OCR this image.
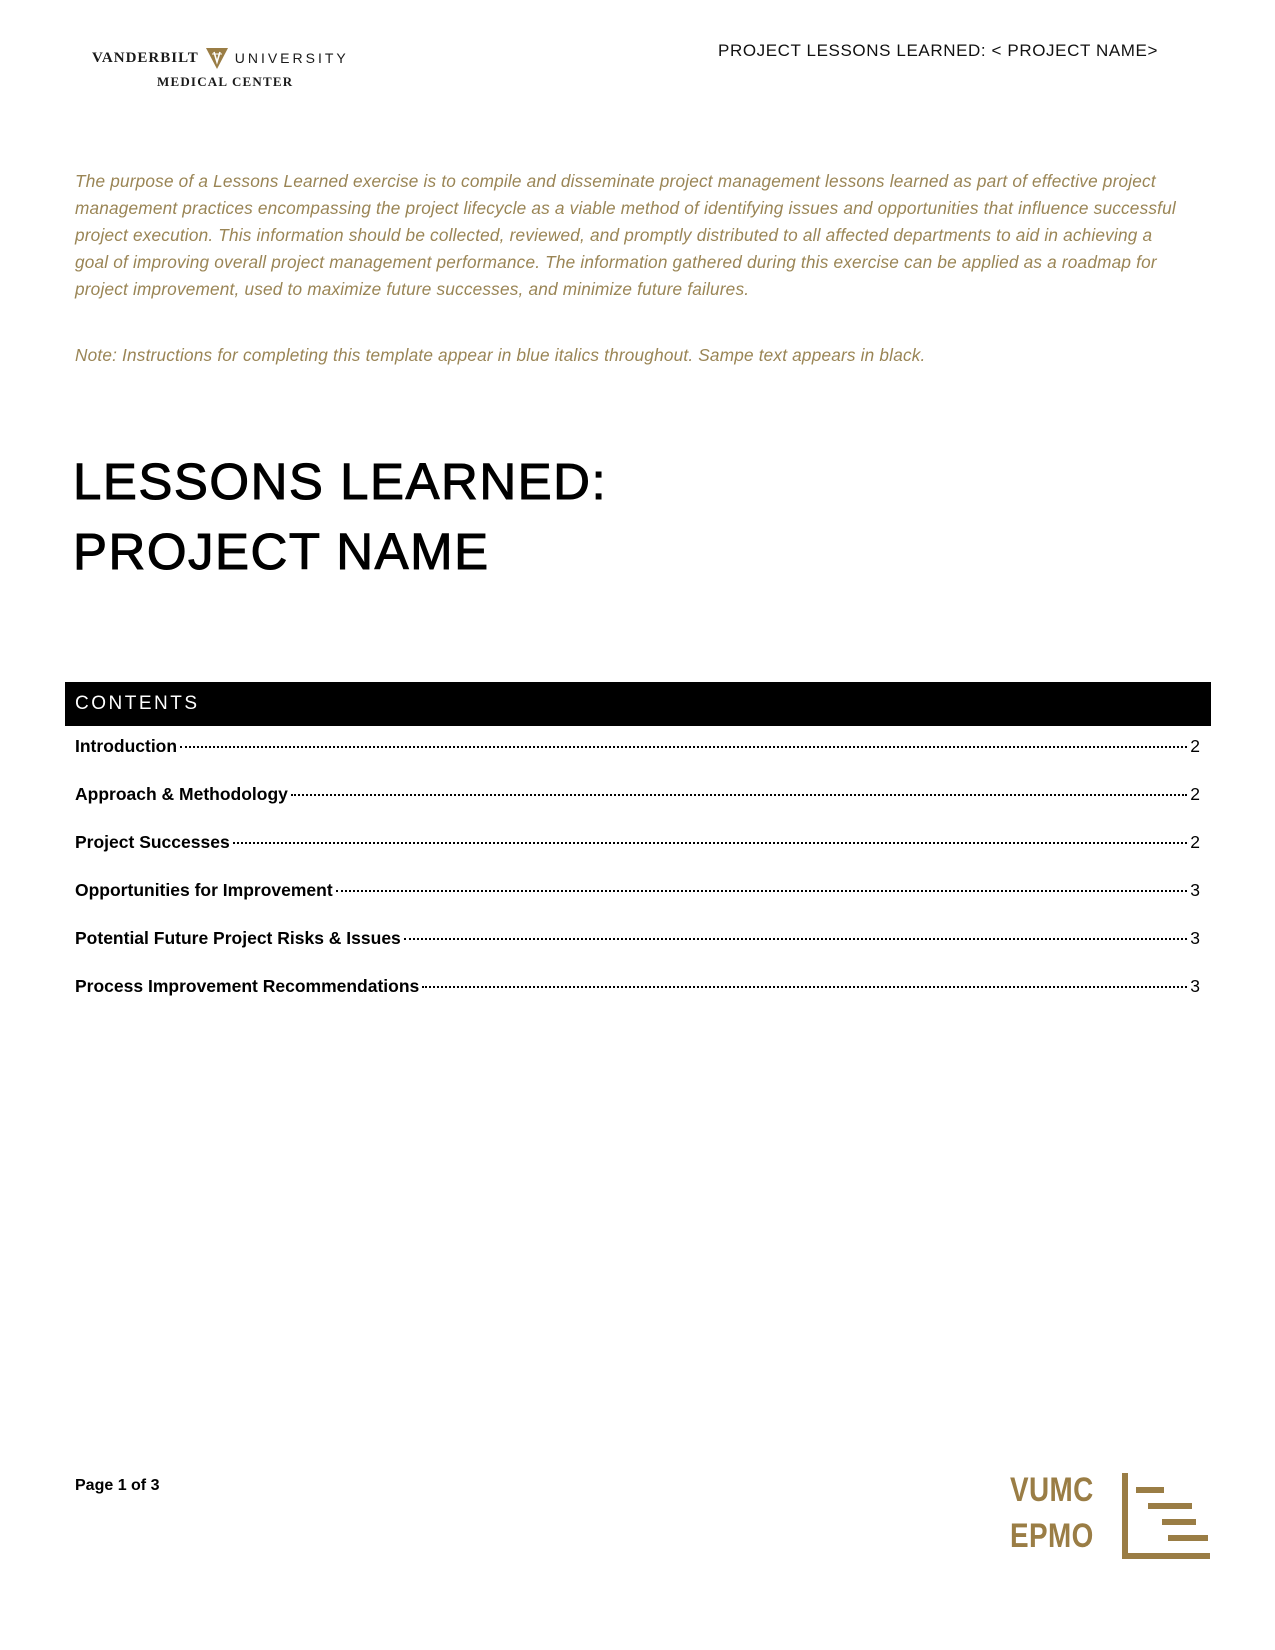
VANDERBILT	UNIVERSITY
MEDICAL CENTER
PROJECT LESSONS LEARNED: < PROJECT NAME>

The purpose of a Lessons Learned exercise is to compile and disseminate project management lessons learned as part of effective project management practices encompassing the project lifecycle as a viable method of identifying issues and opportunities that influence successful project execution. This information should be collected, reviewed, and promptly distributed to all affected departments to aid in achieving a goal of improving overall project management performance. The information gathered during this exercise can be applied as a roadmap for project improvement, used to maximize future successes, and minimize future failures.

Note: Instructions for completing this template appear in blue italics throughout. Sampe text appears in black.

LESSONS LEARNED:
PROJECT NAME
CONTENTS
Introduction	2
Approach & Methodology	2
Project Successes	2
Opportunities for Improvement	3
Potential Future Project Risks & Issues	3
Process Improvement Recommendations	3
Page 1 of 3	VUMC
EPMO
